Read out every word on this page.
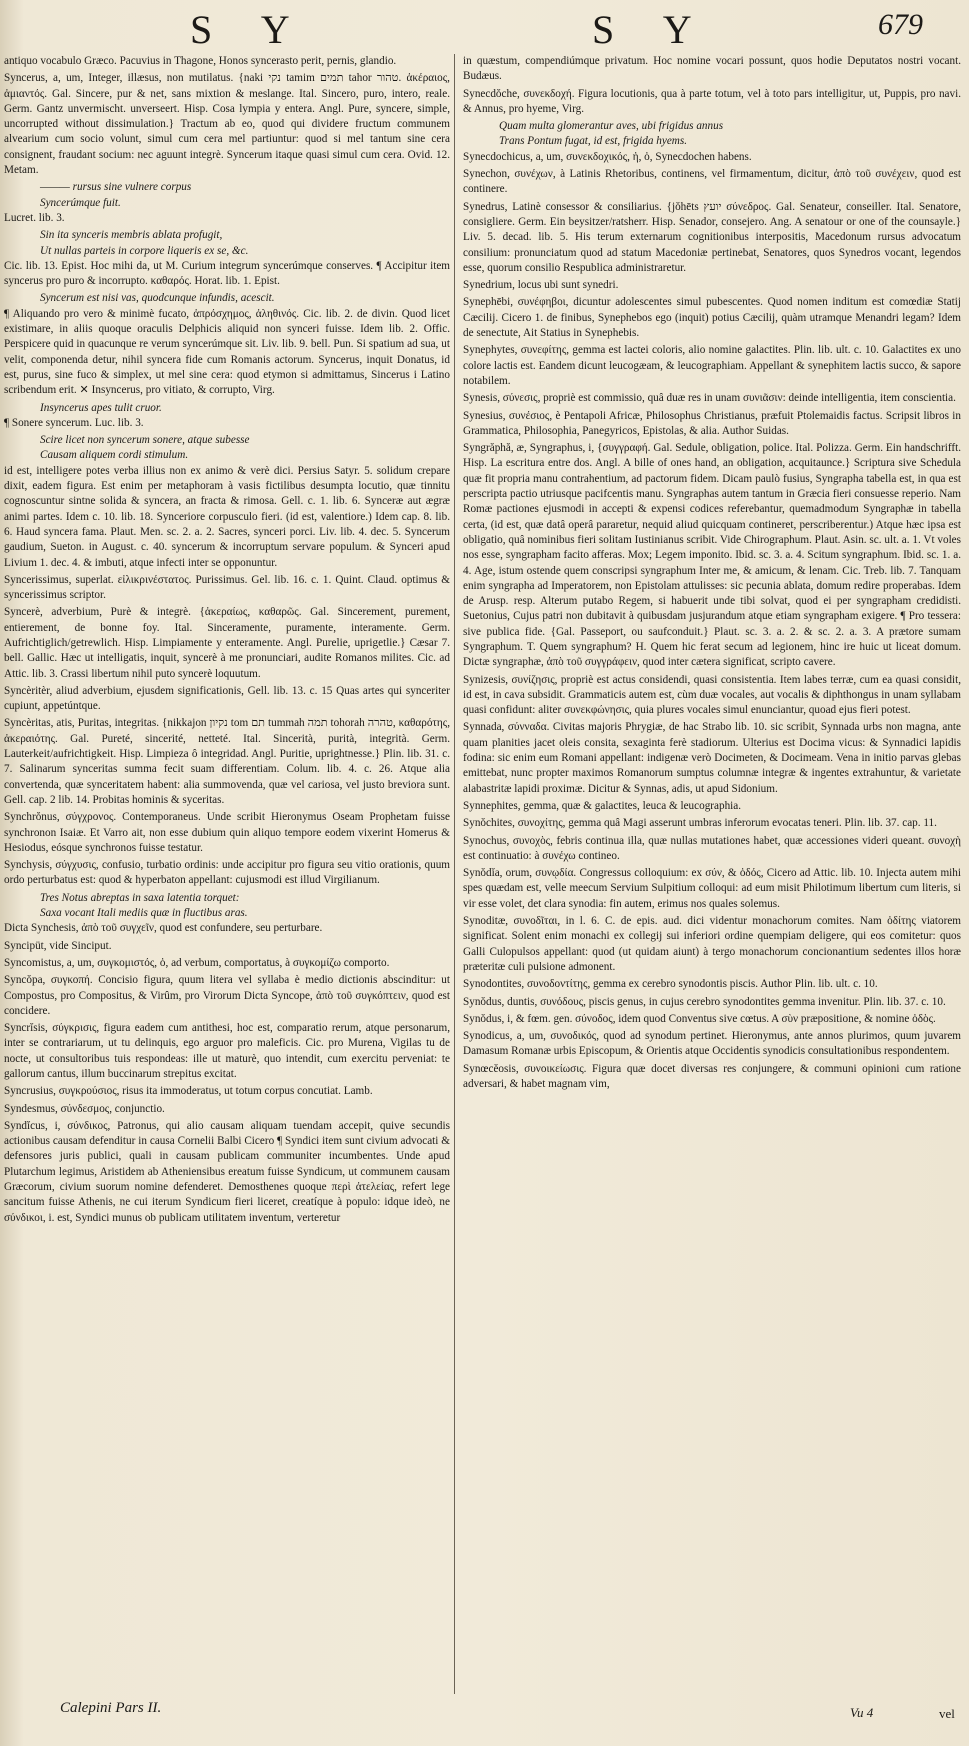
S Y	S Y	679

antiquo vocabulo Græco. Pacuvius in Thagone, Honos syncerasto perit, pernis, glandio.

Syncerus, a, um, Integer, illæsus, non mutilatus. {naki נקי tamim תמים tahor טהור. ἀκέραιος, ἀμιαντός. Gal. Sincere, pur & net, sans mixtion & meslange. Ital. Sincero, puro, intero, reale. Germ. Gantz unvermischt. unverseert. Hisp. Cosa lympia y entera. Angl. Pure, syncere, simple, uncorrupted without dissimulation.} Tractum ab eo, quod qui dividere fructum communem alvearium cum socio volunt, simul cum cera mel partiuntur: quod si mel tantum sine cera consignent, fraudant socium: nec aguunt integrè. Syncerum itaque quasi simul cum cera. Ovid. 12. Metam.

——— rursus sine vulnere corpus

Syncerúmque fuit.

Lucret. lib. 3.

Sin ita synceris membris ablata profugit,

Ut nullas parteis in corpore liqueris ex se, &c.

Cic. lib. 13. Epist. Hoc mihi da, ut M. Curium integrum syncerúmque conserves. ¶ Accipitur item syncerus pro puro & incorrupto. καθαρός. Horat. lib. 1. Epist.

Syncerum est nisi vas, quodcunque infundis, acescit.

¶ Aliquando pro vero & minimè fucato, ἀπρόσχημος, ἀληθινός. Cic. lib. 2. de divin. Quod licet existimare, in aliis quoque oraculis Delphicis aliquid non synceri fuisse. Idem lib. 2. Offic. Perspicere quid in quacunque re verum syncerúmque sit. Liv. lib. 9. bell. Pun. Si spatium ad sua, ut velit, componenda detur, nihil syncera fide cum Romanis actorum. Syncerus, inquit Donatus, id est, purus, sine fuco & simplex, ut mel sine cera: quod etymon si admittamus, Sincerus i Latino scribendum erit. ✕ Insyncerus, pro vitiato, & corrupto, Virg.

Insyncerus apes tulit cruor.

¶ Sonere syncerum. Luc. lib. 3.

Scire licet non syncerum sonere, atque subesse

Causam aliquem cordi stimulum.

id est, intelligere potes verba illius non ex animo & verè dici. Persius Satyr. 5. solidum crepare dixit, eadem figura. Est enim per metaphoram à vasis fictilibus desumpta locutio, quæ tinnitu cognoscuntur sintne solida & syncera, an fracta & rimosa. Gell. c. 1. lib. 6. Synceræ aut ægræ animi partes. Idem c. 10. lib. 18. Synceriore corpusculo fieri. (id est, valentiore.) Idem cap. 8. lib. 6. Haud syncera fama. Plaut. Men. sc. 2. a. 2. Sacres, synceri porci. Liv. lib. 4. dec. 5. Syncerum gaudium, Sueton. in August. c. 40. syncerum & incorruptum servare populum. & Synceri apud Livium 1. dec. 4. & imbuti, atque infecti inter se opponuntur.

Syncerissimus, superlat. εἰλικρινέστατος. Purissimus. Gel. lib. 16. c. 1. Quint. Claud. optimus & syncerissimus scriptor.

Syncerè, adverbium, Purè & integrè. {ἀκεραίως, καθαρῶς. Gal. Sincerement, purement, entierement, de bonne foy. Ital. Sinceramente, puramente, interamente. Germ. Aufrichtiglich/getrewlich. Hisp. Limpiamente y enteramente. Angl. Purelie, uprigetlie.} Cæsar 7. bell. Gallic. Hæc ut intelligatis, inquit, syncerè à me pronunciari, audite Romanos milites. Cic. ad Attic. lib. 3. Crassi libertum nihil puto syncerè loquutum.

Syncèritèr, aliud adverbium, ejusdem significationis, Gell. lib. 13. c. 15 Quas artes qui synceriter cupiunt, appetúntque.

Syncèritas, atis, Puritas, integritas. {nikkajon נקיון tom תם tummah תמה tohorah טהרה, καθαρότης, ἀκεραιότης. Gal. Pureté, sincerité, netteté. Ital. Sincerità, purità, integrità. Germ. Lauterkeit/aufrichtigkeit. Hisp. Limpieza ô integridad. Angl. Puritie, uprightnesse.} Plin. lib. 31. c. 7. Salinarum synceritas summa fecit suam differentiam. Colum. lib. 4. c. 26. Atque alia convertenda, quæ synceritatem habent: alia summovenda, quæ vel cariosa, vel justo breviora sunt. Gell. cap. 2 lib. 14. Probitas hominis & syceritas.

Synchrŏnus, σύγχρονος. Contemporaneus. Unde scribit Hieronymus Oseam Prophetam fuisse synchronon Isaiæ. Et Varro ait, non esse dubium quin aliquo tempore eodem vixerint Homerus & Hesiodus, eósque synchronos fuisse testatur.

Synchysis, σύγχυσις, confusio, turbatio ordinis: unde accipitur pro figura seu vitio orationis, quum ordo perturbatus est: quod & hyperbaton appellant: cujusmodi est illud Virgilianum.

Tres Notus abreptas in saxa latentia torquet:

Saxa vocant Itali mediis quæ in fluctibus aras.

Dicta Synchesis, ἀπὸ τοῦ συγχεῖν, quod est confundere, seu perturbare.

Syncipüt, vide Sinciput.

Syncomistus, a, um, συγκομιστός, ὁ, ad verbum, comportatus, à συγκομίζω comporto.

Syncŏpa, συγκοπή. Concisio figura, quum litera vel syllaba è medio dictionis abscinditur: ut Compostus, pro Compositus, & Virûm, pro Virorum Dicta Syncope, ἀπὸ τοῦ συγκόπτειν, quod est concidere.

Syncrĭsis, σύγκρισις, figura eadem cum antithesi, hoc est, comparatio rerum, atque personarum, inter se contrariarum, ut tu delinquis, ego arguor pro maleficis. Cic. pro Murena, Vigilas tu de nocte, ut consultoribus tuis respondeas: ille ut maturè, quo intendit, cum exercitu perveniat: te gallorum cantus, illum buccinarum strepitus excitat.

Syncrusius, συγκρούσιος, risus ita immoderatus, ut totum corpus concutiat. Lamb.

Syndesmus, σύνδεσμος, conjunctio.

Syndĭcus, i, σύνδικος, Patronus, qui alio causam aliquam tuendam accepit, quive secundis actionibus causam defenditur in causa Cornelii Balbi Cicero ¶ Syndici item sunt civium advocati & defensores juris publici, quali in causam publicam communiter incumbentes. Unde apud Plutarchum legimus, Aristidem ab Atheniensibus ereatum fuisse Syndicum, ut communem causam Græcorum, civium suorum nomine defenderet. Demosthenes quoque περὶ ἀτελείας, refert lege sancitum fuisse Athenis, ne cui iterum Syndicum fieri liceret, creatíque à populo: idque ideò, ne σύνδικοι, i. est, Syndici munus ob publicam utilitatem inventum, verteretur

in quæstum, compendiúmque privatum. Hoc nomine vocari possunt, quos hodie Deputatos nostri vocant. Budæus.

Synecdŏche, συνεκδοχή. Figura locutionis, qua à parte totum, vel à toto pars intelligitur, ut, Puppis, pro navi. & Annus, pro hyeme, Virg.

Quam multa glomerantur aves, ubi frigidus annus

Trans Pontum fugat, id est, frigida hyems.

Synecdochicus, a, um, συνεκδοχικός, ἡ, ὁ, Synecdochen habens.

Synechon, συνέχων, à Latinis Rhetoribus, continens, vel firmamentum, dicitur, ἀπὸ τοῦ συνέχειν, quod est continere.

Synedrus, Latinè consessor & consiliarius. {jŏhēts יועץ σύνεδρος. Gal. Senateur, conseiller. Ital. Senatore, consigliere. Germ. Ein beysitzer/ratsherr. Hisp. Senador, consejero. Ang. A senatour or one of the counsayle.} Liv. 5. decad. lib. 5. His terum externarum cognitionibus interpositis, Macedonum rursus advocatum consilium: pronunciatum quod ad statum Macedoniæ pertinebat, Senatores, quos Synedros vocant, legendos esse, quorum consilio Respublica administraretur.

Synedrium, locus ubi sunt synedri.

Synephēbi, συνέφηβοι, dicuntur adolescentes simul pubescentes. Quod nomen inditum est comœdiæ Statij Cæcilij. Cicero 1. de finibus, Synephebos ego (inquit) potius Cæcilij, quàm utramque Menandri legam? Idem de senectute, Ait Statius in Synephebis.

Synephytes, συνεφίτης, gemma est lactei coloris, alio nomine galactites. Plin. lib. ult. c. 10. Galactites ex uno colore lactis est. Eandem dicunt leucogæam, & leucographiam. Appellant & synephitem lactis succo, & sapore notabilem.

Synesis, σύνεσις, propriè est commissio, quâ duæ res in unam συνιᾶσιν: deinde intelligentia, item conscientia.

Synesius, συνέσιος, è Pentapoli Africæ, Philosophus Christianus, præfuit Ptolemaidis factus. Scripsit libros in Grammatica, Philosophia, Panegyricos, Epistolas, & alia. Author Suidas.

Syngrăphă, æ, Syngraphus, i, {συγγραφή. Gal. Sedule, obligation, police. Ital. Polizza. Germ. Ein handschrifft. Hisp. La escritura entre dos. Angl. A bille of ones hand, an obligation, acquitaunce.} Scriptura sive Schedula quæ fit propria manu contrahentium, ad pactorum fidem. Dicam paulò fusius, Syngrapha tabella est, in qua est perscripta pactio utriusque pacifcentis manu. Syngraphas autem tantum in Græcia fieri consuesse reperio. Nam Romæ pactiones ejusmodi in accepti & expensi codices referebantur, quemadmodum Syngraphæ in tabella certa, (id est, quæ datâ operâ pararetur, nequid aliud quicquam contineret, perscriberentur.) Atque hæc ipsa est obligatio, quâ nominibus fieri solitam Iustinianus scribit. Vide Chirographum. Plaut. Asin. sc. ult. a. 1. Vt voles nos esse, syngrapham facito afferas. Mox; Legem imponito. Ibid. sc. 3. a. 4. Scitum syngraphum. Ibid. sc. 1. a. 4. Age, istum ostende quem conscripsi syngraphum Inter me, & amicum, & lenam. Cic. Treb. lib. 7. Tanquam enim syngrapha ad Imperatorem, non Epistolam attulisses: sic pecunia ablata, domum redire properabas. Idem de Arusp. resp. Alterum putabo Regem, si habuerit unde tibi solvat, quod ei per syngrapham credidisti. Suetonius, Cujus patri non dubitavit à quibusdam jusjurandum atque etiam syngrapham exigere. ¶ Pro tessera: sive publica fide. {Gal. Passeport, ou saufconduit.} Plaut. sc. 3. a. 2. & sc. 2. a. 3. A prætore sumam Syngraphum. T. Quem syngraphum? H. Quem hic ferat secum ad legionem, hinc ire huic ut liceat domum. Dictæ syngraphæ, ἀπὸ τοῦ συγγράφειν, quod inter cætera significat, scripto cavere.

Synizesis, συνίζησις, propriè est actus considendi, quasi consistentia. Item labes terræ, cum ea quasi considit, id est, in cava subsidit. Grammaticis autem est, cùm duæ vocales, aut vocalis & diphthongus in unam syllabam quasi confidunt: aliter συνεκφώνησις, quia plures vocales simul enunciantur, quoad ejus fieri potest.

Synnada, σύνναδα. Civitas majoris Phrygiæ, de hac Strabo lib. 10. sic scribit, Synnada urbs non magna, ante quam planities jacet oleis consita, sexaginta ferè stadiorum. Ulterius est Docima vicus: & Synnadici lapidis fodina: sic enim eum Romani appellant: indigenæ verò Docimeten, & Docimeam. Vena in initio parvas glebas emittebat, nunc propter maximos Romanorum sumptus columnæ integræ & ingentes extrahuntur, & varietate alabastritæ lapidi proximæ. Dicitur & Synnas, adis, ut apud Sidonium.

Synnephites, gemma, quæ & galactites, leuca & leucographia.

Synŏchites, συνοχίτης, gemma quâ Magi asserunt umbras inferorum evocatas teneri. Plin. lib. 37. cap. 11.

Synochus, συνοχὸς, febris continua illa, quæ nullas mutationes habet, quæ accessiones videri queant. συνοχὴ est continuatio: à συνέχω contineo.

Synŏdĭa, orum, συνῳδία. Congressus colloquium: ex σύν, & ὁδός, Cicero ad Attic. lib. 10. Injecta autem mihi spes quædam est, velle meecum Servium Sulpitium colloqui: ad eum misit Philotimum libertum cum literis, si vir esse volet, det clara synodia: fin autem, erimus nos quales solemus.

Synoditæ, συνοδῖται, in l. 6. C. de epis. aud. dici videntur monachorum comites. Nam ὁδίτης viatorem significat. Solent enim monachi ex collegij sui inferiori ordine quempiam deligere, qui eos comitetur: quos Galli Culopulsos appellant: quod (ut quidam aiunt) à tergo monachorum concionantium sedentes illos horæ præteritæ culi pulsione admonent.

Synodontites, συνοδοντίτης, gemma ex cerebro synodontis piscis. Author Plin. lib. ult. c. 10.

Synŏdus, duntis, συνόδους, piscis genus, in cujus cerebro synodontites gemma invenitur. Plin. lib. 37. c. 10.

Synŏdus, i, & fœm. gen. σύνοδος, idem quod Conventus sive cœtus. A σὺν præpositione, & nomine ὁδὸς.

Synodicus, a, um, συνοδικός, quod ad synodum pertinet. Hieronymus, ante annos plurimos, quum juvarem Damasum Romanæ urbis Episcopum, & Orientis atque Occidentis synodicis consultationibus respondentem.

Synœcĕosis, συνοικείωσις. Figura quæ docet diversas res conjungere, & communi opinioni cum ratione adversari, & habet magnam vim,

Calepini Pars II.	Vu 4	vel
